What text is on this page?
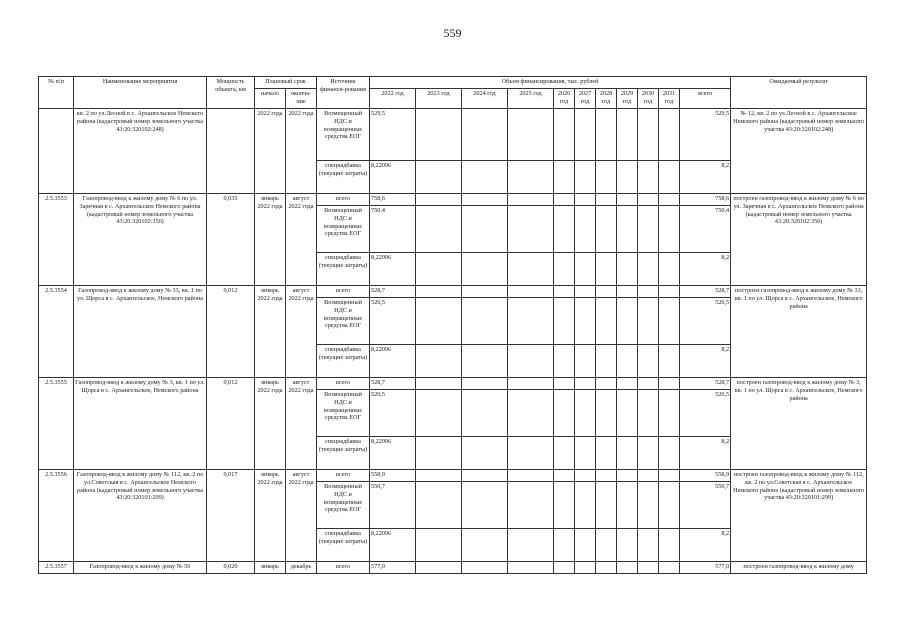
559
№ п/п	Наименование мероприятия	Мощность объекта, км	Плановый срок		Источник финанси-рования	Объем финансирования, тыс. рублей											Ожидаемый результат
			начало	оконча-ние		2022 год	2023 год	2024 год	2025 год	2026 год	2027 год	2028 год	2029 год	2030 год	2031 год	всего	

	кв. 2 по ул.Лесной в с. Архангельское Немского района (кадастровый номер земельного участка 43:20:320102:248)		2022 года	2022 года	Возмещенный НДС и возвращенные средства ЕОГ	529,5										529,5	№ 12, кв. 2 по ул.Лесной в с. Архангельское Немского района (кадастровый номер земельного участка 43:20:320102:248)
					спецнадбавка (текущие затраты)	8,22096										8,2	
2.5.3553	Газопровод-ввод к жилому дому № 6 по ул. Заречная в с. Архангельское Немского района (кадастровый номер земельного участка 43:20:320102:350)	0,035	январь 2022 года	август 2022 года	всего	758,6										758,6	построен газопровод-ввод к жилому дому № 6 по ул. Заречная в с. Архангельское Немского района (кадастровый номер земельного участка 43:20:320102:350)
					Возмещенный НДС и возвращенные средства ЕОГ	750,4										750,4	
					спецнадбавка (текущие затраты)	8,22096										8,2	
2.5.3554	Газопровод-ввод к жилому дому № 33, кв. 1 по ул. Щорса в с. Архангельское, Немского района	0,012	январь 2022 года	август 2022 года	всего	528,7										528,7	построен газопровод-ввод к жилому дому № 33, кв. 1 по ул. Щорса в с. Архангельское, Немского района
					Возмещенный НДС и возвращенные средства ЕОГ	520,5										520,5	
					спецнадбавка (текущие затраты)	8,22096										8,2	
2.5.3555	Газопровод-ввод к жилому дому № 3, кв. 1 по ул. Щорса в с. Архангельское, Немского района	0,012	январь 2022 года	август 2022 года	всего	528,7										528,7	построен газопровод-ввод к жилому дому № 3, кв. 1 по ул. Щорса в с. Архангельское, Немского района
					Возмещенный НДС и возвращенные средства ЕОГ	520,5										520,5	
					спецнадбавка (текущие затраты)	8,22096										8,2	
2.5.3556	Газопровод-ввод к жилому дому № 112, кв. 2 по ул.Советская в с. Архангельское Немского района (кадастровый номер земельного участка 43:20:320101:299)	0,017	январь 2022 года	август 2022 года	всего	558,9										558,9	построен газопровод-ввод к жилому дому № 112, кв. 2 по ул.Советская в с. Архангельское Немского района (кадастровый номер земельного участка 43:20:320101:299)
					Возмещенный НДС и возвращенные средства ЕОГ	550,7										550,7	
					спецнадбавка (текущие затраты)	8,22096										8,2	
2.5.3557	Газопровод-ввод к жилому дому № 56	0,020	январь	декабрь	всего	577,0										577,0	построен газопровод-ввод к жилому дому
